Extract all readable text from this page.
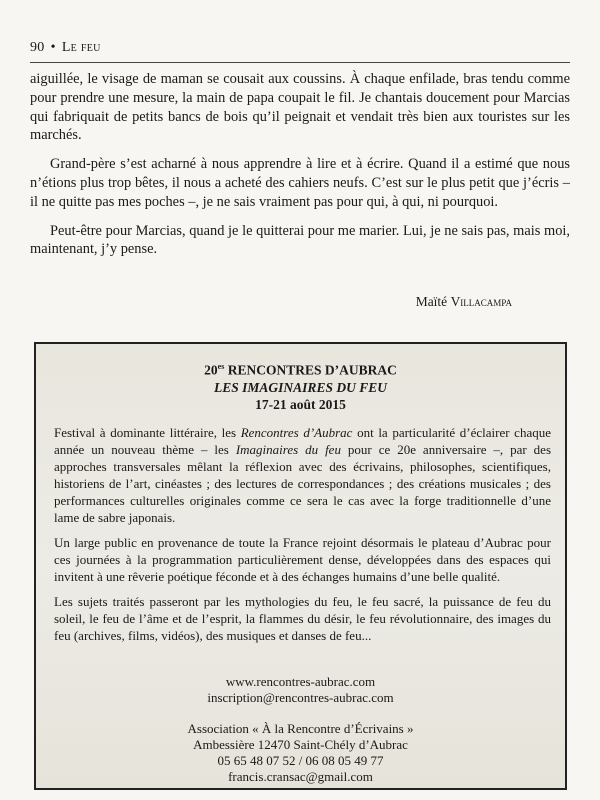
90 • Le feu

aiguillée, le visage de maman se cousait aux coussins. À chaque enfilade, bras tendu comme pour prendre une mesure, la main de papa coupait le fil. Je chantais doucement pour Marcias qui fabriquait de petits bancs de bois qu’il peignait et vendait très bien aux touristes sur les marchés.

Grand-père s’est acharné à nous apprendre à lire et à écrire. Quand il a estimé que nous n’étions plus trop bêtes, il nous a acheté des cahiers neufs. C’est sur le plus petit que j’écris – il ne quitte pas mes poches –, je ne sais vraiment pas pour qui, à qui, ni pourquoi.

Peut-être pour Marcias, quand je le quitterai pour me marier. Lui, je ne sais pas, mais moi, maintenant, j’y pense.

Maïté Villacampa
$20^{es}$ RENCONTRES D’AUBRAC
LES IMAGINAIRES DU FEU
17-21 août 2015

Festival à dominante littéraire, les Rencontres d’Aubrac ont la particularité d’éclairer chaque année un nouveau thème – les Imaginaires du feu pour ce 20e anniversaire –, par des approches transversales mêlant la réflexion avec des écrivains, philosophes, scientifiques, historiens de l’art, cinéastes ; des lectures de correspondances ; des créations musicales ; des performances culturelles originales comme ce sera le cas avec la forge traditionnelle d’une lame de sabre japonais.

Un large public en provenance de toute la France rejoint désormais le plateau d’Aubrac pour ces journées à la programmation particulièrement dense, développées dans des espaces qui invitent à une rêverie poétique féconde et à des échanges humains d’une belle qualité.

Les sujets traités passeront par les mythologies du feu, le feu sacré, la puissance de feu du soleil, le feu de l’âme et de l’esprit, la flammes du désir, le feu révolutionnaire, des images du feu (archives, films, vidéos), des musiques et danses de feu...

www.rencontres-aubrac.com
inscription@rencontres-aubrac.com
Association « À la Rencontre d’Écrivains »
Ambessière 12470 Saint-Chély d’Aubrac
05 65 48 07 52 / 06 08 05 49 77
francis.cransac@gmail.com
